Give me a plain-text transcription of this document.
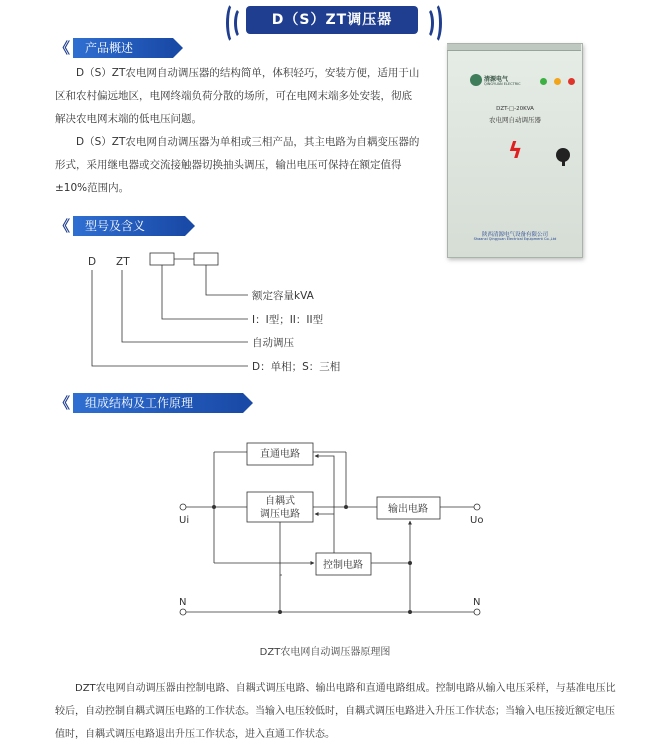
D（S）ZT调压器
《	产品概述
D（S）ZT农电网自动调压器的结构简单，体积轻巧，安装方便，适用于山区和农村偏远地区，电网终端负荷分散的场所，可在电网末端多处安装，彻底解决农电网末端的低电压问题。
D（S）ZT农电网自动调压器为单相或三相产品，其主电路为自耦变压器的形式，采用继电器或交流接触器切换抽头调压，输出电压可保持在额定值得±10%范围内。
清源电气
QINGYUAN ELECTRIC
DZT-□-20KVA
农电网自动调压器
ϟ
陕西清源电气设备有限公司
Shaanxi Qingyuan Electrical Equipment Co.,Ltd
《	型号及含义
D ZT
额定容量kVA
I：I型；II：II型
自动调压
D：单相；S：三相
《	组成结构及工作原理
直通电路
自耦式
调压电路	输出电路
控制电路
Ui	Uo
N	N
DZT农电网自动调压器原理图
DZT农电网自动调压器由控制电路、自耦式调压电路、输出电路和直通电路组成。控制电路从输入电压采样，与基准电压比较后，自动控制自耦式调压电路的工作状态。当输入电压较低时，自耦式调压电路进入升压工作状态；当输入电压接近额定电压值时，自耦式调压电路退出升压工作状态，进入直通工作状态。
